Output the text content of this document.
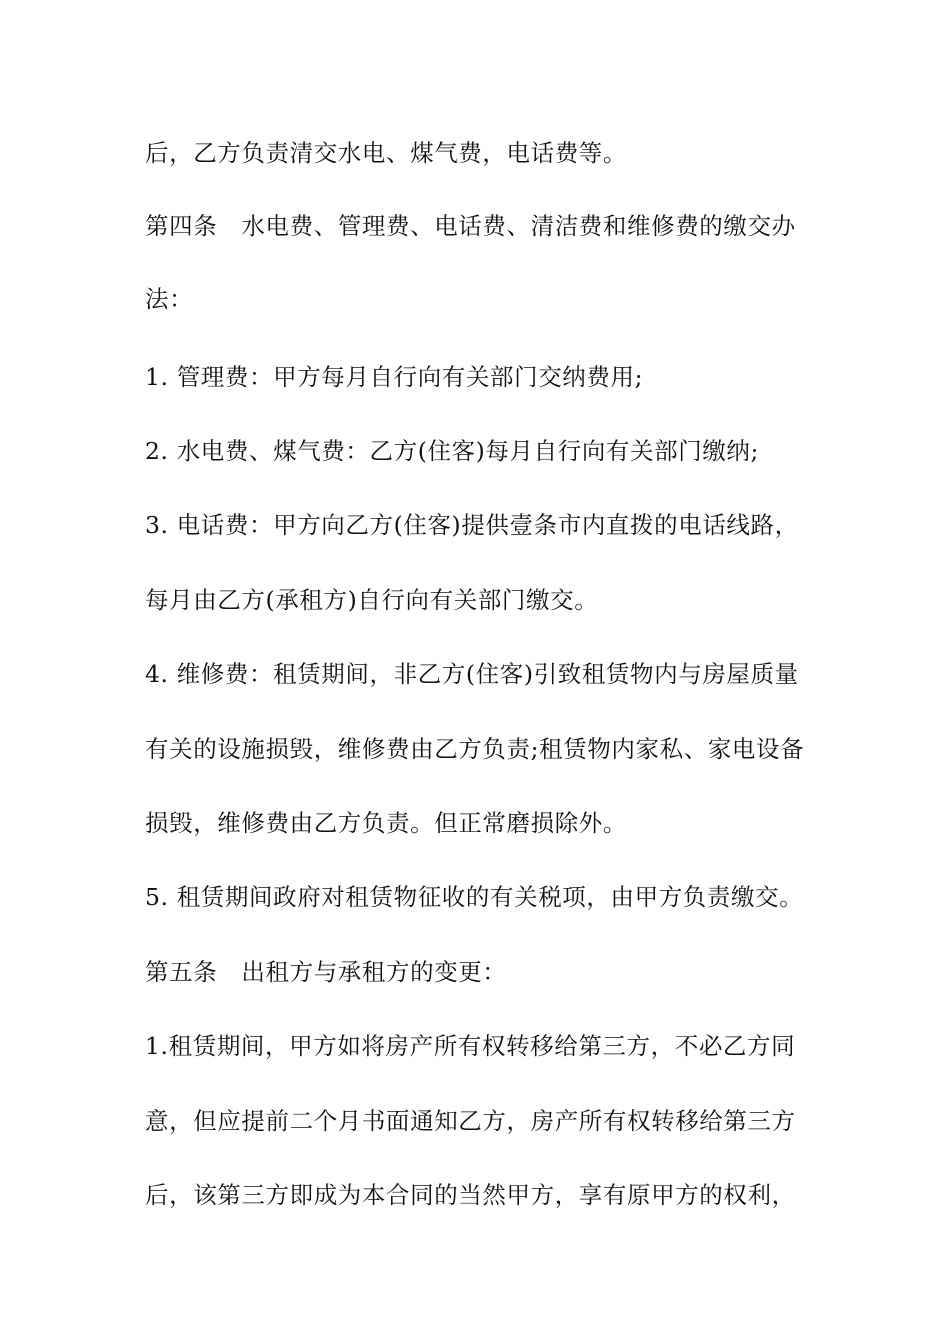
后，乙方负责清交水电、煤气费，电话费等。
第四条　水电费、管理费、电话费、清洁费和维修费的缴交办
法：
1. 管理费：甲方每月自行向有关部门交纳费用;
2. 水电费、煤气费：乙方(住客)每月自行向有关部门缴纳;
3. 电话费：甲方向乙方(住客)提供壹条市内直拨的电话线路，
每月由乙方(承租方)自行向有关部门缴交。
4. 维修费：租赁期间，非乙方(住客)引致租赁物内与房屋质量
有关的设施损毁，维修费由乙方负责;租赁物内家私、家电设备
损毁，维修费由乙方负责。但正常磨损除外。
5. 租赁期间政府对租赁物征收的有关税项，由甲方负责缴交。
第五条　出租方与承租方的变更：
1.租赁期间，甲方如将房产所有权转移给第三方，不必乙方同
意，但应提前二个月书面通知乙方，房产所有权转移给第三方
后，该第三方即成为本合同的当然甲方，享有原甲方的权利，
